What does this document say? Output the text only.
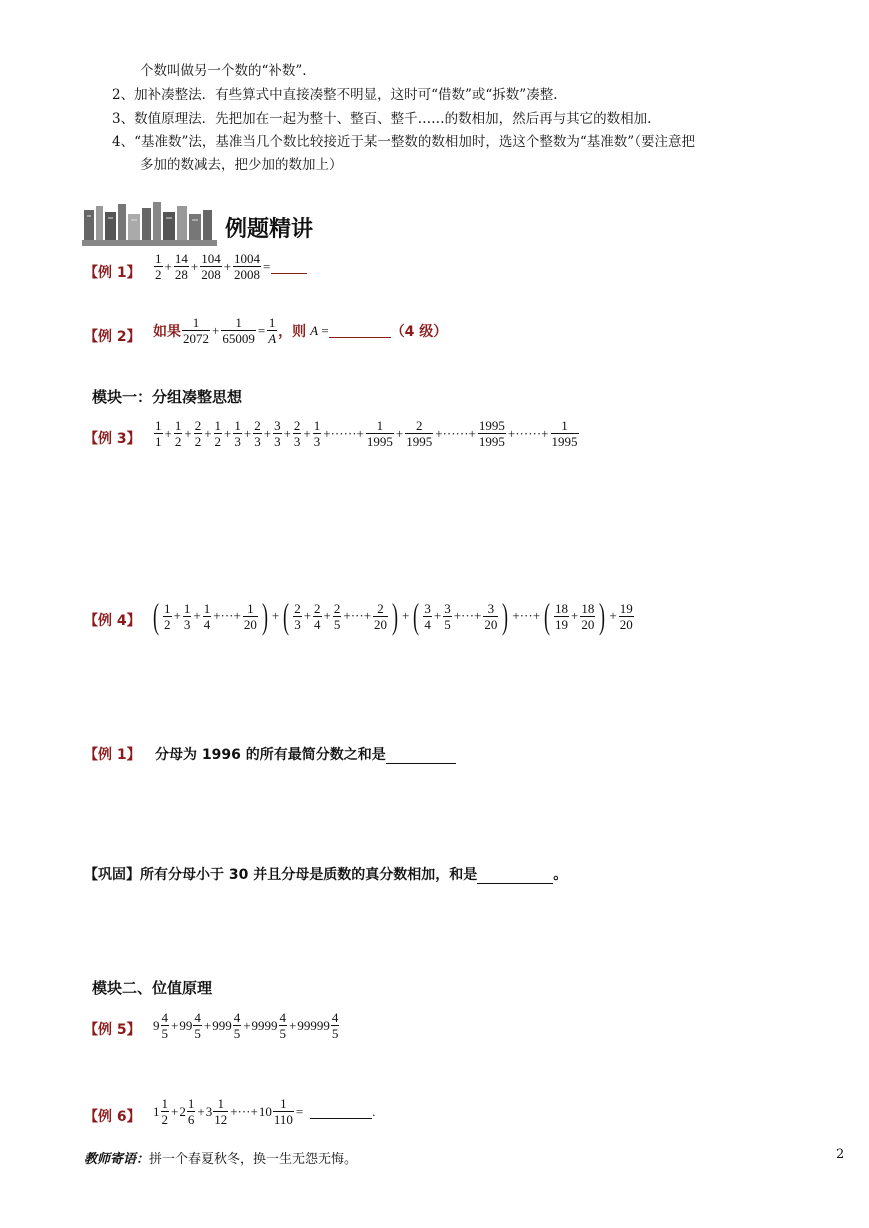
个数叫做另一个数的“补数”.
2、加补凑整法．有些算式中直接凑整不明显，这时可“借数”或“拆数”凑整.
3、数值原理法．先把加在一起为整十、整百、整千……的数相加，然后再与其它的数相加.
4、“基准数”法，基准当几个数比较接近于某一整数的数相加时，选这个整数为“基准数”（要注意把
多加的数减去，把少加的数加上）
例题精讲
【例 1】
1
2
+ $\frac{14}{28} + \frac{104}{208} + \frac{1004}{2008}$ =
【例 2】 如果
1
2072
+ $\frac{1}{65009} = \frac{1}{A}$ ，则 A =	（4 级）
模块一：分组凑整思想
【例 3】
1
1
+ $\frac{1}{2} + \frac{2}{2} + \frac{1}{2} + \frac{1}{3} + \frac{2}{3} + \frac{3}{3} + \frac{2}{3} + \frac{1}{3}$ +······+ $\frac{1}{1995} + \frac{2}{1995}$ +······+ $\frac{1995}{1995}$ +······+ $\frac{1}{1995}$
【例 4】 ( 1
2
+ $\frac{1}{3} + \frac{1}{4}$ +···+ $\frac{1}{20}$ ) + ( 2
3
+ $\frac{2}{4} + \frac{2}{5}$ +···+ $\frac{2}{20}$ ) + ( 3
4
+ $\frac{3}{5}$ +···+ $\frac{3}{20}$ ) +···+ ( 18
19
+ $\frac{18}{20}$ ) + $\frac{19}{20}$
【例 1】 分母为 1996 的所有最简分数之和是
【巩固】 所有分母小于 30 并且分母是质数的真分数相加，和是	。
模块二、位值原理
【例 5】 9 4
5
+ 99 4
5
+ 999 4
5
+ 9999 4
5
+ 99999 4
5
【例 6】 1 1
2
+ 2 1
6
+ 3 1
12
+···+ $10 \frac{1}{110}$ =	.
教师寄语：拼一个春夏秋冬，换一生无怨无悔。	2
